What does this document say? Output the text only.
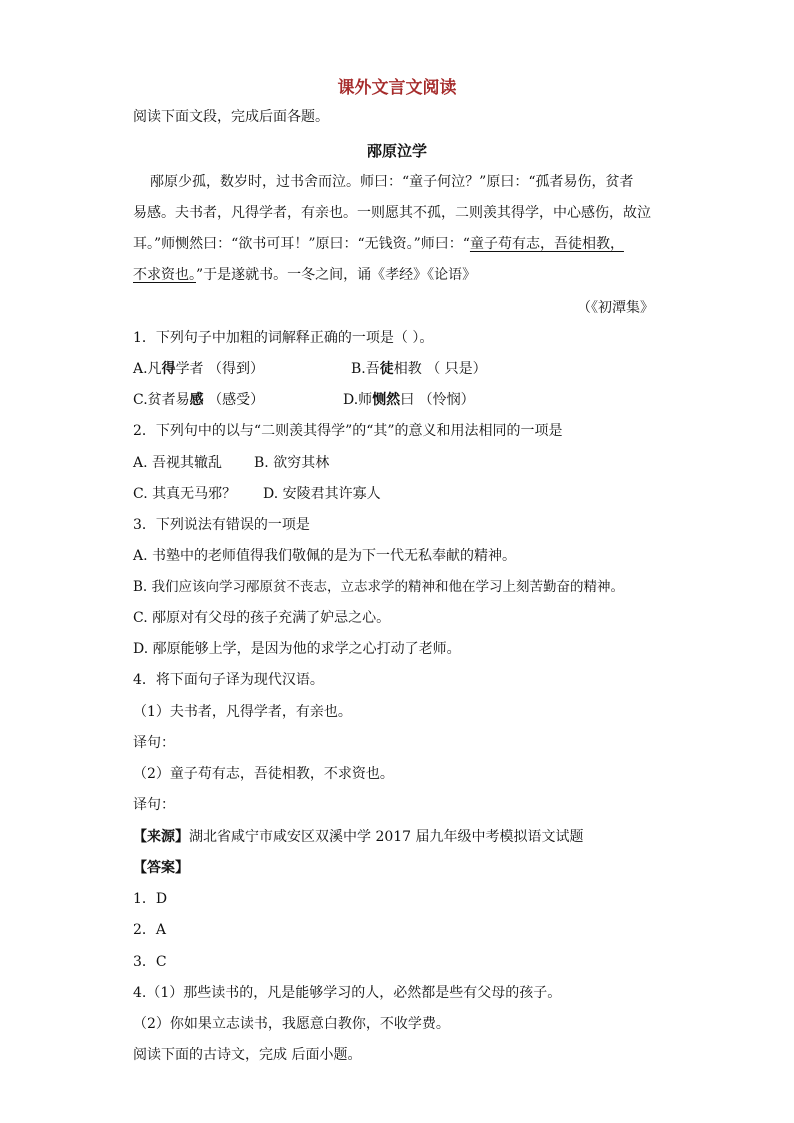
课外文言文阅读
阅读下面文段，完成后面各题。
邴原泣学
邴原少孤，数岁时，过书舍而泣。师曰：“童子何泣？”原曰：“孤者易伤，贫者
易感。夫书者，凡得学者，有亲也。一则愿其不孤，二则羡其得学，中心感伤，故泣
耳。”师恻然曰：“欲书可耳！”原曰：“无钱资。”师曰：“童子苟有志，吾徒相教，
不求资也。”于是遂就书。一冬之间，诵《孝经》《论语》
（《初潭集》
1．下列句子中加粗的词解释正确的一项是（ ）。
A.凡得学者 （得到）	B.吾徒相教 （ 只是）
C.贫者易感 （感受）	D.师恻然曰 （怜悯）
2．下列句中的以与“二则羡其得学”的“其”的意义和用法相同的一项是
A. 吾视其辙乱 B. 欲穷其林
C. 其真无马邪？ D. 安陵君其许寡人
3．下列说法有错误的一项是
A. 书塾中的老师值得我们敬佩的是为下一代无私奉献的精神。
B. 我们应该向学习邴原贫不丧志，立志求学的精神和他在学习上刻苦勤奋的精神。
C. 邴原对有父母的孩子充满了妒忌之心。
D. 邴原能够上学，是因为他的求学之心打动了老师。
4．将下面句子译为现代汉语。
（1）夫书者，凡得学者，有亲也。
译句：
（2）童子苟有志，吾徒相教，不求资也。
译句：
【来源】湖北省咸宁市咸安区双溪中学 2017 届九年级中考模拟语文试题
【答案】
1．D
2．A
3．C
4.（1）那些读书的，凡是能够学习的人，必然都是些有父母的孩子。
（2）你如果立志读书，我愿意白教你，不收学费。
阅读下面的古诗文，完成 后面小题。
